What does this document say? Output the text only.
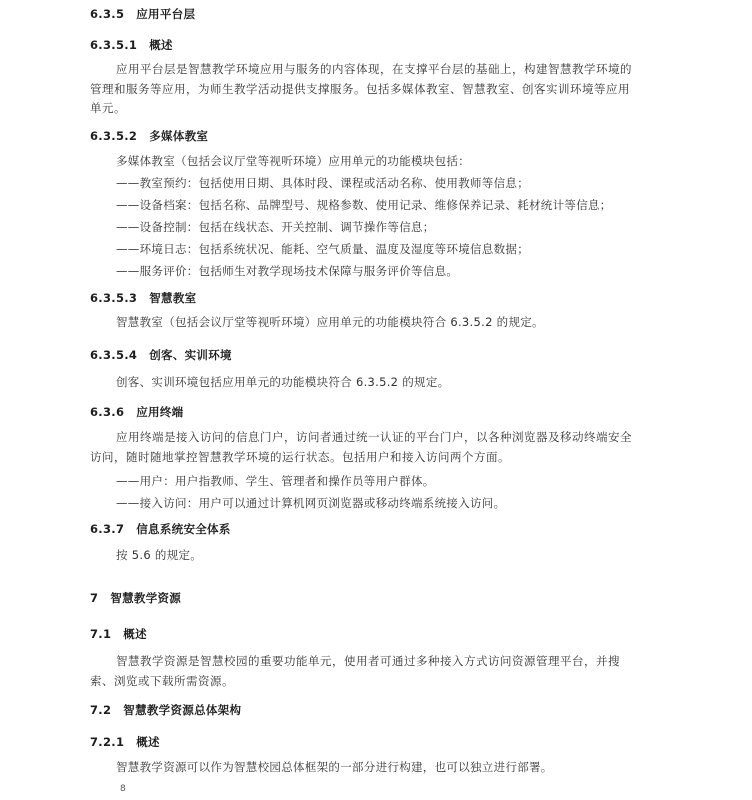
6.3.5 应用平台层
6.3.5.1 概述
应用平台层是智慧教学环境应用与服务的内容体现，在支撑平台层的基础上，构建智慧教学环境的
管理和服务等应用，为师生教学活动提供支撑服务。包括多媒体教室、智慧教室、创客实训环境等应用
单元。
6.3.5.2 多媒体教室
多媒体教室（包括会议厅堂等视听环境）应用单元的功能模块包括：
——教室预约：包括使用日期、具体时段、课程或活动名称、使用教师等信息；
——设备档案：包括名称、品牌型号、规格参数、使用记录、维修保养记录、耗材统计等信息；
——设备控制：包括在线状态、开关控制、调节操作等信息；
——环境日志：包括系统状况、能耗、空气质量、温度及湿度等环境信息数据；
——服务评价：包括师生对教学现场技术保障与服务评价等信息。
6.3.5.3 智慧教室
智慧教室（包括会议厅堂等视听环境）应用单元的功能模块符合 6.3.5.2 的规定。
6.3.5.4 创客、实训环境
创客、实训环境包括应用单元的功能模块符合 6.3.5.2 的规定。
6.3.6 应用终端
应用终端是接入访问的信息门户，访问者通过统一认证的平台门户，以各种浏览器及移动终端安全
访问，随时随地掌控智慧教学环境的运行状态。包括用户和接入访问两个方面。
——用户：用户指教师、学生、管理者和操作员等用户群体。
——接入访问：用户可以通过计算机网页浏览器或移动终端系统接入访问。
6.3.7 信息系统安全体系
按 5.6 的规定。
7 智慧教学资源
7.1 概述
智慧教学资源是智慧校园的重要功能单元，使用者可通过多种接入方式访问资源管理平台，并搜
索、浏览或下载所需资源。
7.2 智慧教学资源总体架构
7.2.1 概述
智慧教学资源可以作为智慧校园总体框架的一部分进行构建，也可以独立进行部署。
8
